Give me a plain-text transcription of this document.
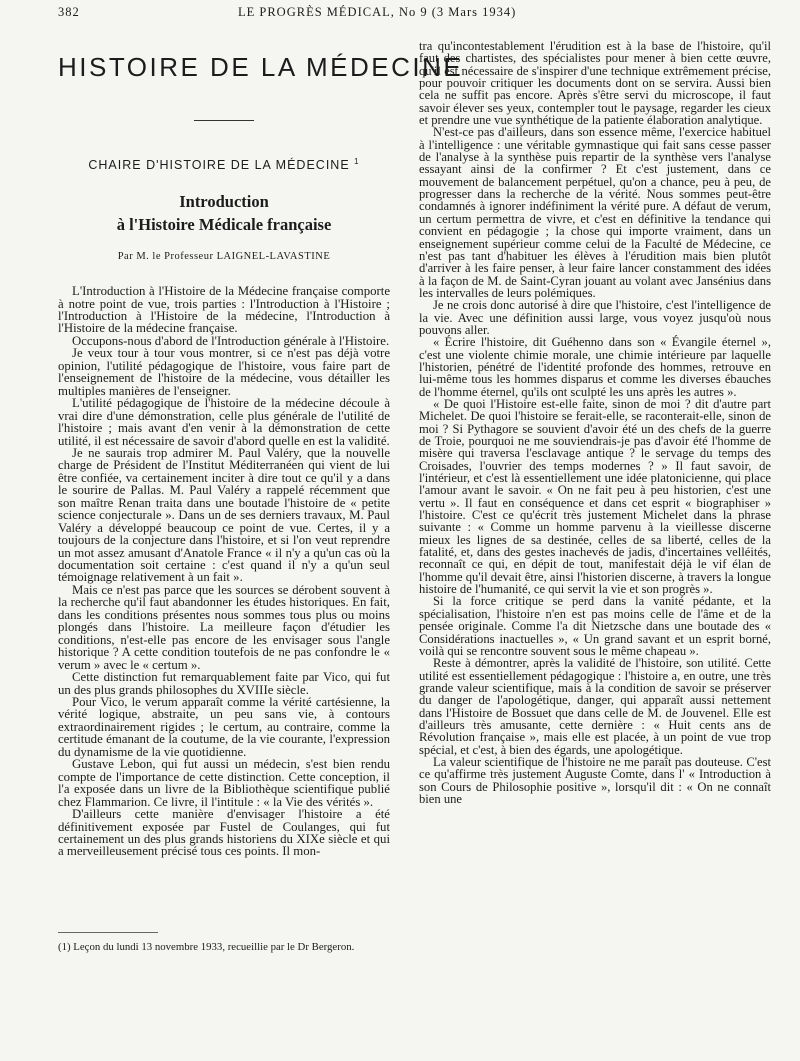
382	LE PROGRÈS MÉDICAL, No 9 (3 Mars 1934)
HISTOIRE DE LA MÉDECINE
CHAIRE D'HISTOIRE DE LA MÉDECINE $^1$
Introduction
à l'Histoire Médicale française
Par M. le Professeur LAIGNEL-LAVASTINE

L'Introduction à l'Histoire de la Médecine française comporte à notre point de vue, trois parties : l'Introduction à l'Histoire ; l'Introduction à l'Histoire de la médecine, l'Introduction à l'Histoire de la médecine française.

Occupons-nous d'abord de l'Introduction générale à l'Histoire.

Je veux tour à tour vous montrer, si ce n'est pas déjà votre opinion, l'utilité pédagogique de l'histoire, vous faire part de l'enseignement de l'histoire de la médecine, vous détailler les multiples manières de l'enseigner.

L'utilité pédagogique de l'histoire de la médecine découle à vrai dire d'une démonstration, celle plus générale de l'utilité de l'histoire ; mais avant d'en venir à la démonstration de cette utilité, il est nécessaire de savoir d'abord quelle en est la validité.

Je ne saurais trop admirer M. Paul Valéry, que la nouvelle charge de Président de l'Institut Méditerranéen qui vient de lui être confiée, va certainement inciter à dire tout ce qu'il y a dans le sourire de Pallas. M. Paul Valéry a rappelé récemment que son maître Renan traita dans une boutade l'histoire de « petite science conjecturale ». Dans un de ses derniers travaux, M. Paul Valéry a développé beaucoup ce point de vue. Certes, il y a toujours de la conjecture dans l'histoire, et si l'on veut reprendre un mot assez amusant d'Anatole France « il n'y a qu'un cas où la documentation soit certaine : c'est quand il n'y a qu'un seul témoignage relativement à un fait ».

Mais ce n'est pas parce que les sources se dérobent souvent à la recherche qu'il faut abandonner les études historiques. En fait, dans les conditions présentes nous sommes tous plus ou moins plongés dans l'histoire. La meilleure façon d'étudier les conditions, n'est-elle pas encore de les envisager sous l'angle historique ? A cette condition toutefois de ne pas confondre le « verum » avec le « certum ».

Cette distinction fut remarquablement faite par Vico, qui fut un des plus grands philosophes du XVIIIe siècle.

Pour Vico, le verum apparaît comme la vérité cartésienne, la vérité logique, abstraite, un peu sans vie, à contours extraordinairement rigides ; le certum, au contraire, comme la certitude émanant de la coutume, de la vie courante, l'expression du dynamisme de la vie quotidienne.

Gustave Lebon, qui fut aussi un médecin, s'est bien rendu compte de l'importance de cette distinction. Cette conception, il l'a exposée dans un livre de la Bibliothèque scientifique publié chez Flammarion. Ce livre, il l'intitule : « la Vie des vérités ».

D'ailleurs cette manière d'envisager l'histoire a été définitivement exposée par Fustel de Coulanges, qui fut certainement un des plus grands historiens du XIXe siècle et qui a merveilleusement précisé tous ces points. Il mon-

tra qu'incontestablement l'érudition est à la base de l'histoire, qu'il faut des chartistes, des spécialistes pour mener à bien cette œuvre, qu'il est nécessaire de s'inspirer d'une technique extrêmement précise, pour pouvoir critiquer les documents dont on se servira. Aussi bien cela ne suffit pas encore. Après s'être servi du microscope, il faut savoir élever ses yeux, contempler tout le paysage, regarder les cieux et prendre une vue synthétique de la patiente élaboration analytique.

N'est-ce pas d'ailleurs, dans son essence même, l'exercice habituel à l'intelligence : une véritable gymnastique qui fait sans cesse passer de l'analyse à la synthèse puis repartir de la synthèse vers l'analyse essayant ainsi de la confirmer ? Et c'est justement, dans ce mouvement de balancement perpétuel, qu'on a chance, peu à peu, de progresser dans la recherche de la vérité. Nous sommes peut-être condamnés à ignorer indéfiniment la vérité pure. A défaut de verum, un certum permettra de vivre, et c'est en définitive la tendance qui convient en pédagogie ; la chose qui importe vraiment, dans un enseignement supérieur comme celui de la Faculté de Médecine, ce n'est pas tant d'habituer les élèves à l'érudition mais bien plutôt d'arriver à les faire penser, à leur faire lancer constamment des idées à la façon de M. de Saint-Cyran jouant au volant avec Jansénius dans les intervalles de leurs polémiques.

Je ne crois donc autorisé à dire que l'histoire, c'est l'intelligence de la vie. Avec une définition aussi large, vous voyez jusqu'où nous pouvons aller.

« Écrire l'histoire, dit Guéhenno dans son « Évangile éternel », c'est une violente chimie morale, une chimie intérieure par laquelle l'historien, pénétré de l'identité profonde des hommes, retrouve en lui-même tous les hommes disparus et comme les diverses ébauches de l'homme éternel, qu'ils ont sculpté les uns après les autres ».

« De quoi l'Histoire est-elle faite, sinon de moi ? dit d'autre part Michelet. De quoi l'histoire se ferait-elle, se raconterait-elle, sinon de moi ? Si Pythagore se souvient d'avoir été un des chefs de la guerre de Troie, pourquoi ne me souviendrais-je pas d'avoir été l'homme de misère qui traversa l'esclavage antique ? le servage du temps des Croisades, l'ouvrier des temps modernes ? » Il faut savoir, de l'intérieur, et c'est là essentiellement une idée platonicienne, qui place l'amour avant le savoir. « On ne fait peu à peu historien, c'est une vertu ». Il faut en conséquence et dans cet esprit « biographiser » l'histoire. C'est ce qu'écrit très justement Michelet dans la phrase suivante : « Comme un homme parvenu à la vieillesse discerne mieux les lignes de sa destinée, celles de sa liberté, celles de la fatalité, et, dans des gestes inachevés de jadis, d'incertaines velléités, reconnaît ce qui, en dépit de tout, manifestait déjà le vif élan de l'homme qu'il devait être, ainsi l'historien discerne, à travers la longue histoire de l'humanité, ce qui servit la vie et son progrès ».

Si la force critique se perd dans la vanité pédante, et la spécialisation, l'histoire n'en est pas moins celle de l'âme et de la pensée originale. Comme l'a dit Nietzsche dans une boutade des « Considérations inactuelles », « Un grand savant et un esprit borné, voilà qui se rencontre souvent sous le même chapeau ».

Reste à démontrer, après la validité de l'histoire, son utilité. Cette utilité est essentiellement pédagogique : l'histoire a, en outre, une très grande valeur scientifique, mais à la condition de savoir se préserver du danger de l'apologétique, danger, qui apparaît aussi nettement dans l'Histoire de Bossuet que dans celle de M. de Jouvenel. Elle est d'ailleurs très amusante, cette dernière : « Huit cents ans de Révolution française », mais elle est placée, à un point de vue trop spécial, et c'est, à bien des égards, une apologétique.

La valeur scientifique de l'histoire ne me paraît pas douteuse. C'est ce qu'affirme très justement Auguste Comte, dans l' « Introduction à son Cours de Philosophie positive », lorsqu'il dit : « On ne connaît bien une

(1) Leçon du lundi 13 novembre 1933, recueillie par le Dr Bergeron.
